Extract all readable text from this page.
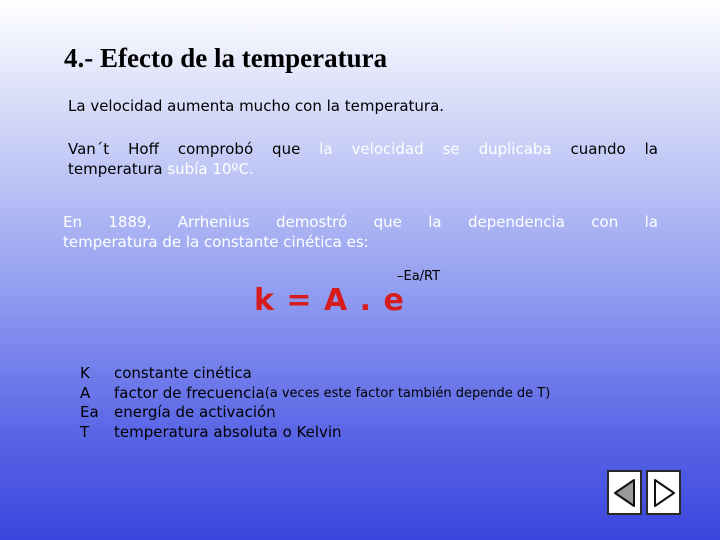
4.- Efecto de la temperatura

La velocidad aumenta mucho con la temperatura.

Van´t Hoff comprobó que la velocidad se duplicaba cuando la
temperatura subía 10ºC.

En 1889, Arrhenius demostró que la dependencia con la
temperatura de la constante cinética es:

k = A . e
–Ea/RT
K	constante cinética
A	factor de frecuencia (a veces este factor también depende de T)
Ea	energía de activación
T	temperatura absoluta o Kelvin
